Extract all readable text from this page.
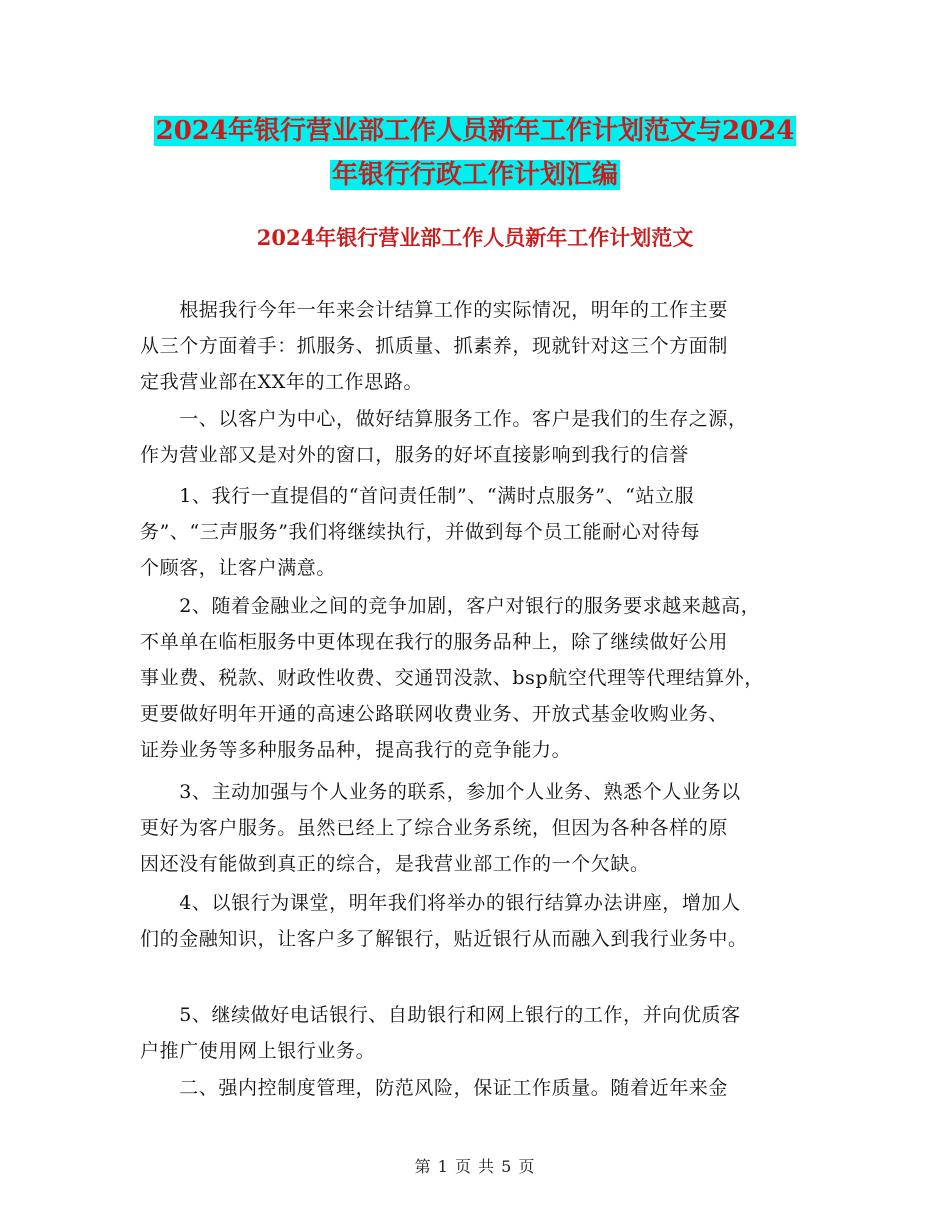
2024年银行营业部工作人员新年工作计划范文与2024
年银行行政工作计划汇编
2024年银行营业部工作人员新年工作计划范文
　　根据我行今年一年来会计结算工作的实际情况，明年的工作主要
从三个方面着手：抓服务、抓质量、抓素养，现就针对这三个方面制
定我营业部在XX年的工作思路。
　　一、以客户为中心，做好结算服务工作。客户是我们的生存之源，
作为营业部又是对外的窗口，服务的好坏直接影响到我行的信誉
　　1、我行一直提倡的“首问责任制”、“满时点服务”、“站立服
务”、“三声服务”我们将继续执行，并做到每个员工能耐心对待每
个顾客，让客户满意。
　　2、随着金融业之间的竞争加剧，客户对银行的服务要求越来越高，
不单单在临柜服务中更体现在我行的服务品种上，除了继续做好公用
事业费、税款、财政性收费、交通罚没款、bsp航空代理等代理结算外，
更要做好明年开通的高速公路联网收费业务、开放式基金收购业务、
证券业务等多种服务品种，提高我行的竞争能力。
　　3、主动加强与个人业务的联系，参加个人业务、熟悉个人业务以
更好为客户服务。虽然已经上了综合业务系统，但因为各种各样的原
因还没有能做到真正的综合，是我营业部工作的一个欠缺。
　　4、以银行为课堂，明年我们将举办的银行结算办法讲座，增加人
们的金融知识，让客户多了解银行，贴近银行从而融入到我行业务中。
　　5、继续做好电话银行、自助银行和网上银行的工作，并向优质客
户推广使用网上银行业务。
　　二、强内控制度管理，防范风险，保证工作质量。随着近年来金
第 1 页 共 5 页
